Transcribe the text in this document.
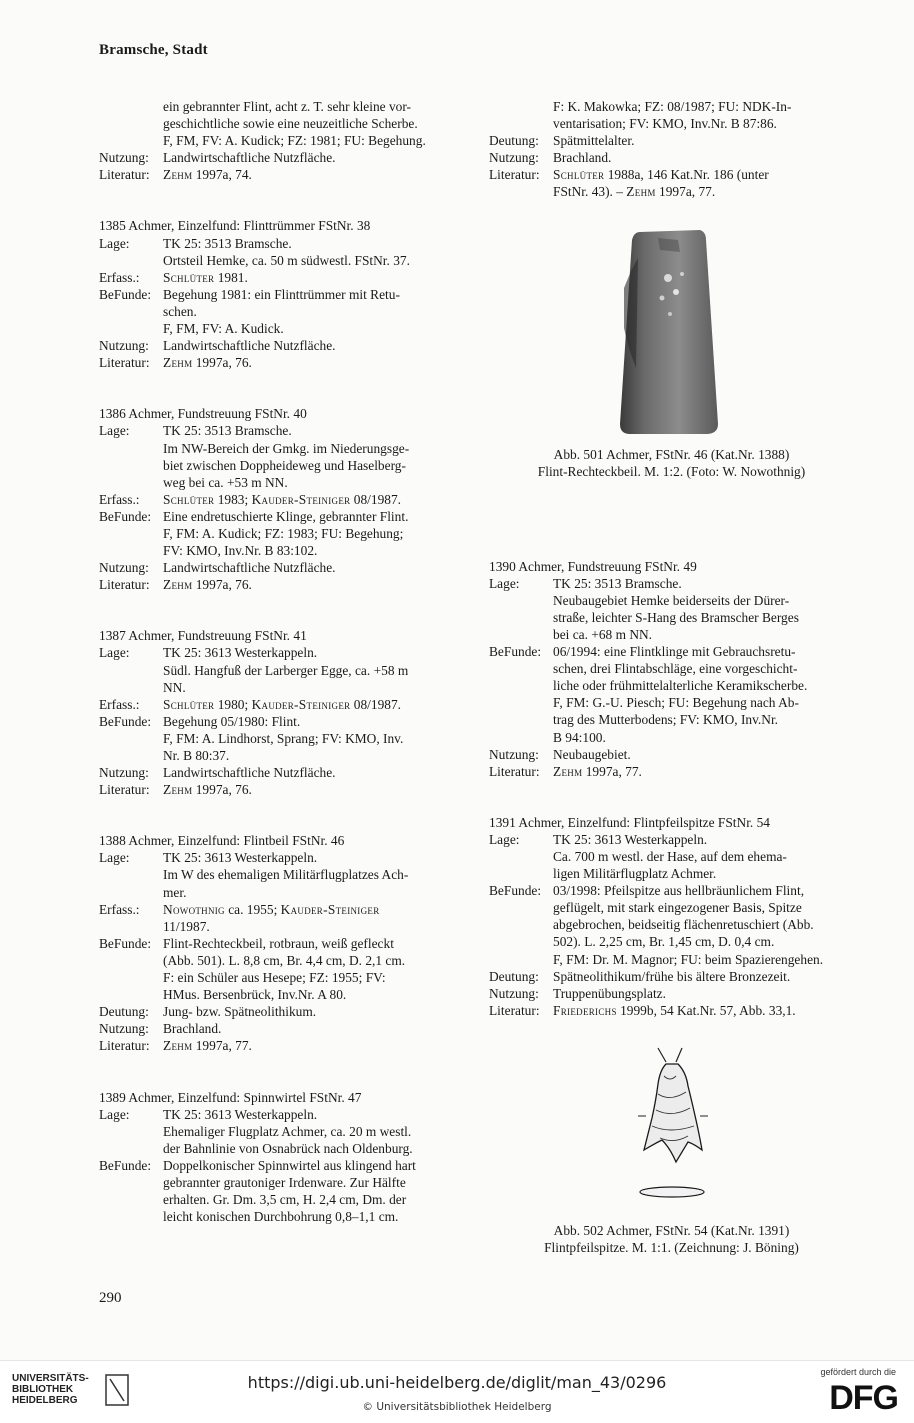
Bramsche, Stadt
ein gebrannter Flint, acht z. T. sehr kleine vor-
geschichtliche sowie eine neuzeitliche Scherbe.
F, FM, FV: A. Kudick; FZ: 1981; FU: Begehung.
Nutzung:	Landwirtschaftliche Nutzfläche.
Literatur:	Zehm 1997a, 74.
1385 Achmer, Einzelfund: Flinttrümmer FStNr. 38
Lage:	TK 25: 3513 Bramsche.
Ortsteil Hemke, ca. 50 m südwestl. FStNr. 37.
Erfass.:	Schlüter 1981.
BeFunde: Begehung 1981: ein Flinttrümmer mit Retu-
schen.
F, FM, FV: A. Kudick.
Nutzung:	Landwirtschaftliche Nutzfläche.
Literatur:	Zehm 1997a, 76.
1386 Achmer, Fundstreuung FStNr. 40
Lage:	TK 25: 3513 Bramsche.
Im NW-Bereich der Gmkg. im Niederungsge-
biet zwischen Doppheideweg und Haselberg-
weg bei ca. +53 m NN.
Erfass.:	Schlüter 1983; Kauder-Steiniger 08/1987.
BeFunde: Eine endretuschierte Klinge, gebrannter Flint.
F, FM: A. Kudick; FZ: 1983; FU: Begehung;
FV: KMO, Inv.Nr. B 83:102.
Nutzung:	Landwirtschaftliche Nutzfläche.
Literatur:	Zehm 1997a, 76.
1387 Achmer, Fundstreuung FStNr. 41
Lage:	TK 25: 3613 Westerkappeln.
Südl. Hangfuß der Larberger Egge, ca. +58 m
NN.
Erfass.:	Schlüter 1980; Kauder-Steiniger 08/1987.
BeFunde: Begehung 05/1980: Flint.
F, FM: A. Lindhorst, Sprang; FV: KMO, Inv.
Nr. B 80:37.
Nutzung:	Landwirtschaftliche Nutzfläche.
Literatur:	Zehm 1997a, 76.
1388 Achmer, Einzelfund: Flintbeil FStNr. 46
Lage:	TK 25: 3613 Westerkappeln.
Im W des ehemaligen Militärflugplatzes Ach-
mer.
Erfass.:	Nowothnig ca. 1955; Kauder-Steiniger
11/1987.
BeFunde: Flint-Rechteckbeil, rotbraun, weiß gefleckt
(Abb. 501). L. 8,8 cm, Br. 4,4 cm, D. 2,1 cm.
F: ein Schüler aus Hesepe; FZ: 1955; FV:
HMus. Bersenbrück, Inv.Nr. A 80.
Deutung:	Jung- bzw. Spätneolithikum.
Nutzung:	Brachland.
Literatur:	Zehm 1997a, 77.
1389 Achmer, Einzelfund: Spinnwirtel FStNr. 47
Lage:	TK 25: 3613 Westerkappeln.
Ehemaliger Flugplatz Achmer, ca. 20 m westl.
der Bahnlinie von Osnabrück nach Oldenburg.
BeFunde: Doppelkonischer Spinnwirtel aus klingend hart
gebrannter grautoniger Irdenware. Zur Hälfte
erhalten. Gr. Dm. 3,5 cm, H. 2,4 cm, Dm. der
leicht konischen Durchbohrung 0,8–1,1 cm.
F: K. Makowka; FZ: 08/1987; FU: NDK-In-
ventarisation; FV: KMO, Inv.Nr. B 87:86.
Deutung:	Spätmittelalter.
Nutzung:	Brachland.
Literatur:	Schlüter 1988a, 146 Kat.Nr. 186 (unter
FStNr. 43). – Zehm 1997a, 77.
1390 Achmer, Fundstreuung FStNr. 49
Lage:	TK 25: 3513 Bramsche.
Neubaugebiet Hemke beiderseits der Dürer-
straße, leichter S-Hang des Bramscher Berges
bei ca. +68 m NN.
BeFunde: 06/1994: eine Flintklinge mit Gebrauchsretu-
schen, drei Flintabschläge, eine vorgeschicht-
liche oder frühmittelalterliche Keramikscherbe.
F, FM: G.-U. Piesch; FU: Begehung nach Ab-
trag des Mutterbodens; FV: KMO, Inv.Nr.
B 94:100.
Nutzung:	Neubaugebiet.
Literatur:	Zehm 1997a, 77.
1391 Achmer, Einzelfund: Flintpfeilspitze FStNr. 54
Lage:	TK 25: 3613 Westerkappeln.
Ca. 700 m westl. der Hase, auf dem ehema-
ligen Militärflugplatz Achmer.
BeFunde: 03/1998: Pfeilspitze aus hellbräunlichem Flint,
geflügelt, mit stark eingezogener Basis, Spitze
abgebrochen, beidseitig flächenretuschiert (Abb.
502). L. 2,25 cm, Br. 1,45 cm, D. 0,4 cm.
F, FM: Dr. M. Magnor; FU: beim Spazierengehen.
Deutung:	Spätneolithikum/frühe bis ältere Bronzezeit.
Nutzung:	Truppenübungsplatz.
Literatur:	Friederichs 1999b, 54 Kat.Nr. 57, Abb. 33,1.
Abb. 501 Achmer, FStNr. 46 (Kat.Nr. 1388)
Flint-Rechteckbeil. M. 1:2. (Foto: W. Nowothnig)
Abb. 502 Achmer, FStNr. 54 (Kat.Nr. 1391)
Flintpfeilspitze. M. 1:1. (Zeichnung: J. Böning)
290
UNIVERSITÄTS-
BIBLIOTHEK
HEIDELBERG
https://digi.ub.uni-heidelberg.de/diglit/man_43/0296
© Universitätsbibliothek Heidelberg
gefördert durch die
DFG
